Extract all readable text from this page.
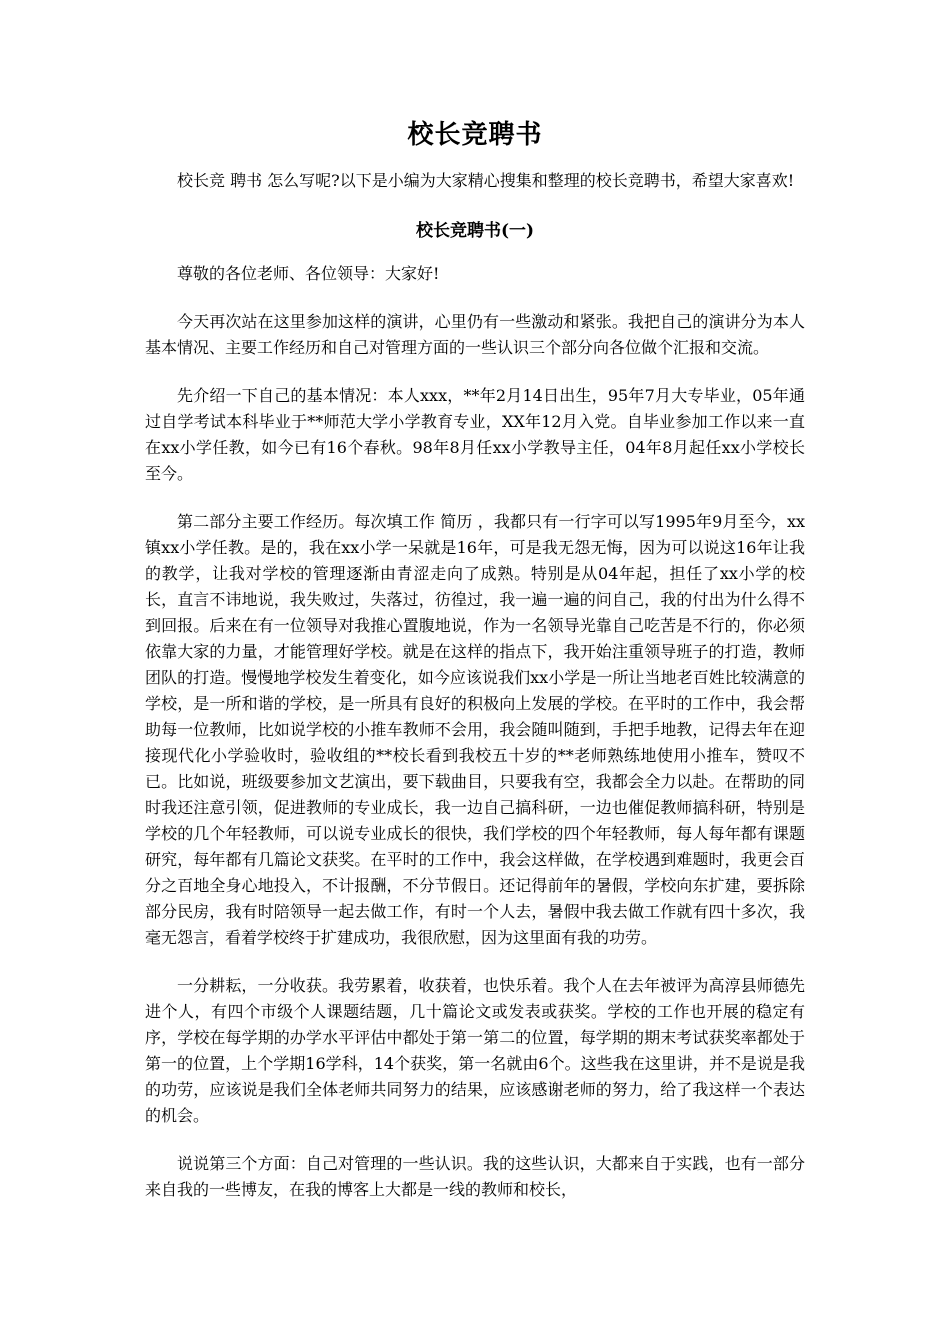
校长竞聘书

校长竞 聘书 怎么写呢?以下是小编为大家精心搜集和整理的校长竞聘书，希望大家喜欢!

校长竞聘书(一)

尊敬的各位老师、各位领导：大家好!

今天再次站在这里参加这样的演讲，心里仍有一些激动和紧张。我把自己的演讲分为本人基本情况、主要工作经历和自己对管理方面的一些认识三个部分向各位做个汇报和交流。

先介绍一下自己的基本情况：本人xxx，**年2月14日出生，95年7月大专毕业，05年通过自学考试本科毕业于**师范大学小学教育专业，XX年12月入党。自毕业参加工作以来一直在xx小学任教，如今已有16个春秋。98年8月任xx小学教导主任，04年8月起任xx小学校长至今。

第二部分主要工作经历。每次填工作 简历 ，我都只有一行字可以写1995年9月至今，xx镇xx小学任教。是的，我在xx小学一呆就是16年，可是我无怨无悔，因为可以说这16年让我的教学，让我对学校的管理逐渐由青涩走向了成熟。特别是从04年起，担任了xx小学的校长，直言不讳地说，我失败过，失落过，彷徨过，我一遍一遍的问自己，我的付出为什么得不到回报。后来在有一位领导对我推心置腹地说，作为一名领导光靠自己吃苦是不行的，你必须依靠大家的力量，才能管理好学校。就是在这样的指点下，我开始注重领导班子的打造，教师团队的打造。慢慢地学校发生着变化，如今应该说我们xx小学是一所让当地老百姓比较满意的学校，是一所和谐的学校，是一所具有良好的积极向上发展的学校。在平时的工作中，我会帮助每一位教师，比如说学校的小推车教师不会用，我会随叫随到，手把手地教，记得去年在迎接现代化小学验收时，验收组的**校长看到我校五十岁的**老师熟练地使用小推车，赞叹不已。比如说，班级要参加文艺演出，要下载曲目，只要我有空，我都会全力以赴。在帮助的同时我还注意引领，促进教师的专业成长，我一边自己搞科研，一边也催促教师搞科研，特别是学校的几个年轻教师，可以说专业成长的很快，我们学校的四个年轻教师，每人每年都有课题研究，每年都有几篇论文获奖。在平时的工作中，我会这样做，在学校遇到难题时，我更会百分之百地全身心地投入，不计报酬，不分节假日。还记得前年的暑假，学校向东扩建，要拆除部分民房，我有时陪领导一起去做工作，有时一个人去，暑假中我去做工作就有四十多次，我毫无怨言，看着学校终于扩建成功，我很欣慰，因为这里面有我的功劳。

一分耕耘，一分收获。我劳累着，收获着，也快乐着。我个人在去年被评为高淳县师德先进个人，有四个市级个人课题结题，几十篇论文或发表或获奖。学校的工作也开展的稳定有序，学校在每学期的办学水平评估中都处于第一第二的位置，每学期的期末考试获奖率都处于第一的位置，上个学期16学科，14个获奖，第一名就由6个。这些我在这里讲，并不是说是我的功劳，应该说是我们全体老师共同努力的结果，应该感谢老师的努力，给了我这样一个表达的机会。

说说第三个方面：自己对管理的一些认识。我的这些认识，大都来自于实践，也有一部分来自我的一些博友，在我的博客上大都是一线的教师和校长，
